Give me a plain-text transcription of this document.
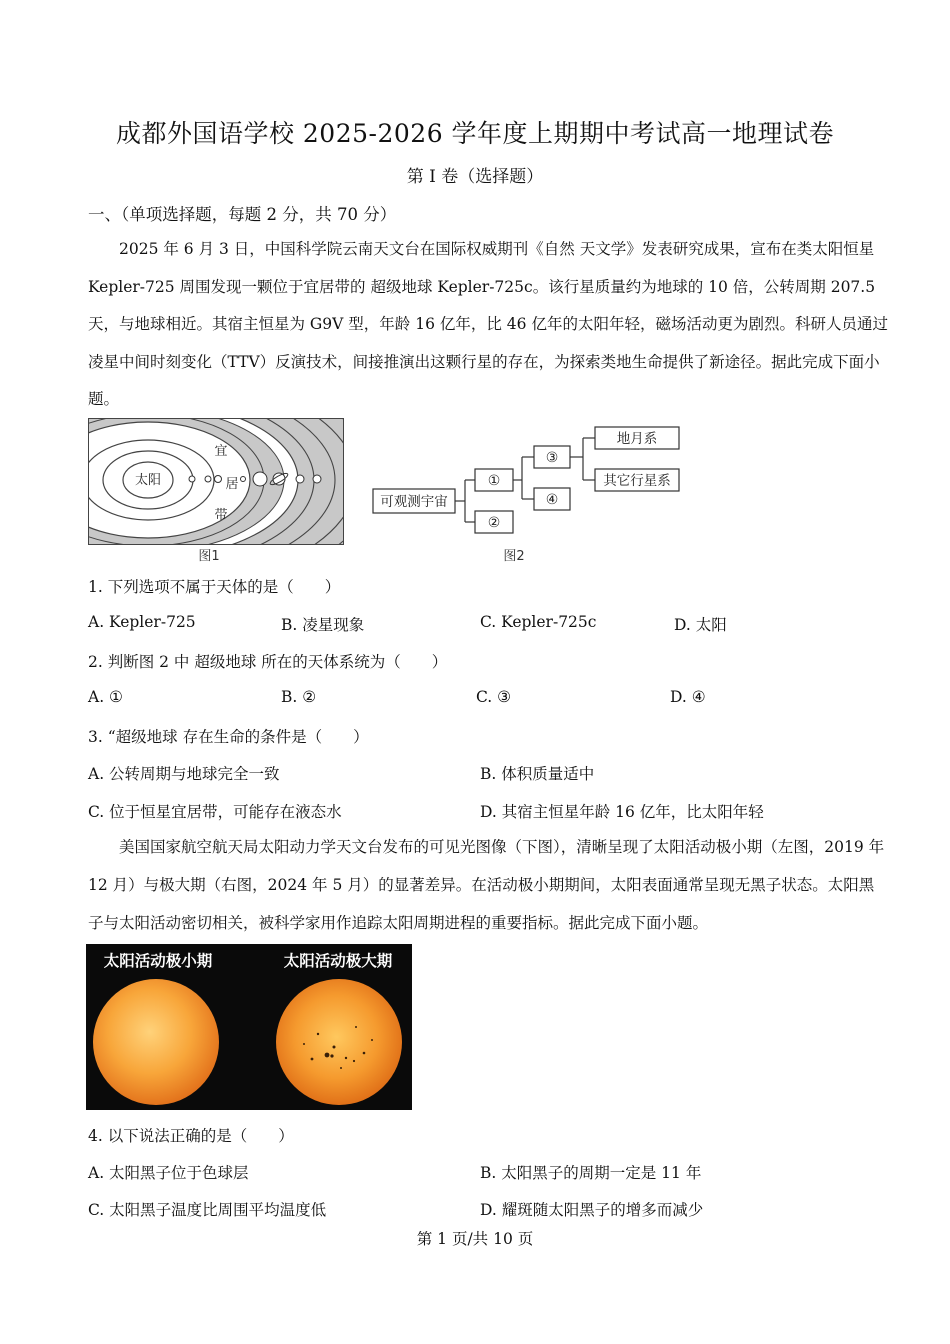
成都外国语学校 2025-2026 学年度上期期中考试高一地理试卷
第 I 卷（选择题）
一、（单项选择题，每题 2 分，共 70 分）
2025 年 6 月 3 日，中国科学院云南天文台在国际权威期刊《自然 天文学》发表研究成果，宣布在类太阳恒星 Kepler-725 周围发现一颗位于宜居带的 超级地球 Kepler-725c。该行星质量约为地球的 10 倍，公转周期 207.5 天，与地球相近。其宿主恒星为 G9V 型，年龄 16 亿年，比 46 亿年的太阳年轻，磁场活动更为剧烈。科研人员通过凌星中间时刻变化（TTV）反演技术，间接推演出这颗行星的存在，为探索类地生命提供了新途径。据此完成下面小题。
太阳
宜
居
带
图1
可观测宇宙
①
②
③
④
地月系
其它行星系
图2
1. 下列选项不属于天体的是（　　）
A. Kepler-725	B. 凌星现象	C. Kepler-725c	D. 太阳
2. 判断图 2 中 超级地球 所在的天体系统为（　　）
A. ①	B. ②	C. ③	D. ④
3. “超级地球 存在生命的条件是（　　）
A. 公转周期与地球完全一致	B. 体积质量适中
C. 位于恒星宜居带，可能存在液态水	D. 其宿主恒星年龄 16 亿年，比太阳年轻
美国国家航空航天局太阳动力学天文台发布的可见光图像（下图），清晰呈现了太阳活动极小期（左图，2019 年 12 月）与极大期（右图，2024 年 5 月）的显著差异。在活动极小期期间，太阳表面通常呈现无黑子状态。太阳黑子与太阳活动密切相关，被科学家用作追踪太阳周期进程的重要指标。据此完成下面小题。
太阳活动极小期	太阳活动极大期
4. 以下说法正确的是（　　）
A. 太阳黑子位于色球层	B. 太阳黑子的周期一定是 11 年
C. 太阳黑子温度比周围平均温度低	D. 耀斑随太阳黑子的增多而减少
第 1 页/共 10 页
